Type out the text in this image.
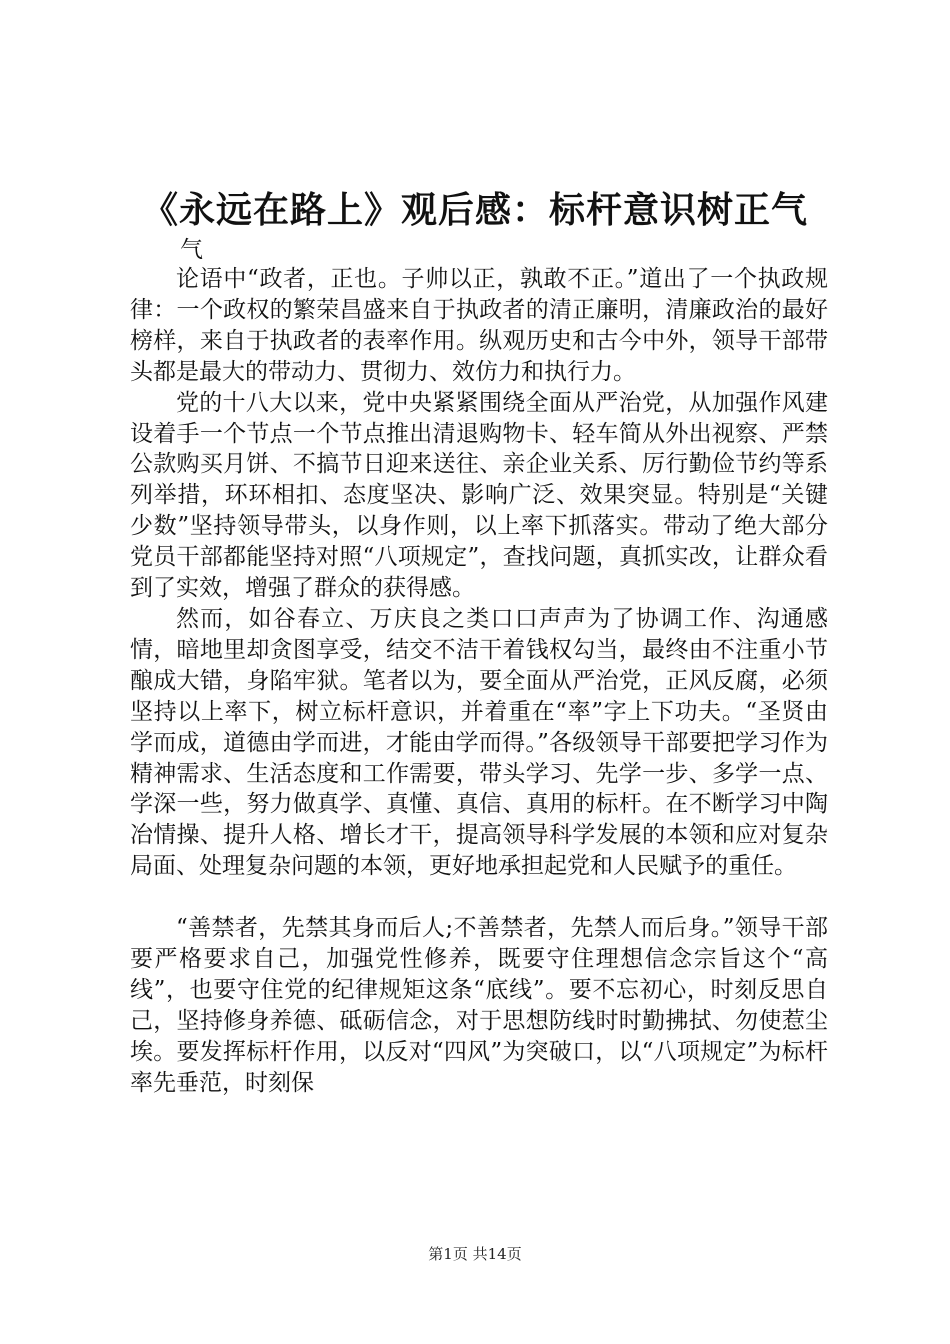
《永远在路上》观后感：标杆意识树正气
气

论语中“政者，正也。子帅以正，孰敢不正。”道出了一个执政规律：一个政权的繁荣昌盛来自于执政者的清正廉明，清廉政治的最好榜样，来自于执政者的表率作用。纵观历史和古今中外，领导干部带头都是最大的带动力、贯彻力、效仿力和执行力。

党的十八大以来，党中央紧紧围绕全面从严治党，从加强作风建设着手一个节点一个节点推出清退购物卡、轻车简从外出视察、严禁公款购买月饼、不搞节日迎来送往、亲企业关系、厉行勤俭节约等系列举措，环环相扣、态度坚决、影响广泛、效果突显。特别是“关键少数”坚持领导带头，以身作则，以上率下抓落实。带动了绝大部分党员干部都能坚持对照“八项规定”，查找问题，真抓实改，让群众看到了实效，增强了群众的获得感。

然而，如谷春立、万庆良之类口口声声为了协调工作、沟通感情，暗地里却贪图享受，结交不洁干着钱权勾当，最终由不注重小节酿成大错，身陷牢狱。笔者以为，要全面从严治党，正风反腐，必须坚持以上率下，树立标杆意识，并着重在“率”字上下功夫。“圣贤由学而成，道德由学而进，才能由学而得。”各级领导干部要把学习作为精神需求、生活态度和工作需要，带头学习、先学一步、多学一点、学深一些，努力做真学、真懂、真信、真用的标杆。在不断学习中陶冶情操、提升人格、增长才干，提高领导科学发展的本领和应对复杂局面、处理复杂问题的本领，更好地承担起党和人民赋予的重任。

“善禁者，先禁其身而后人;不善禁者，先禁人而后身。”领导干部要严格要求自己，加强党性修养，既要守住理想信念宗旨这个“高线”，也要守住党的纪律规矩这条“底线”。要不忘初心，时刻反思自己，坚持修身养德、砥砺信念，对于思想防线时时勤拂拭、勿使惹尘埃。要发挥标杆作用，以反对“四风”为突破口，以“八项规定”为标杆率先垂范，时刻保

第1页 共14页
